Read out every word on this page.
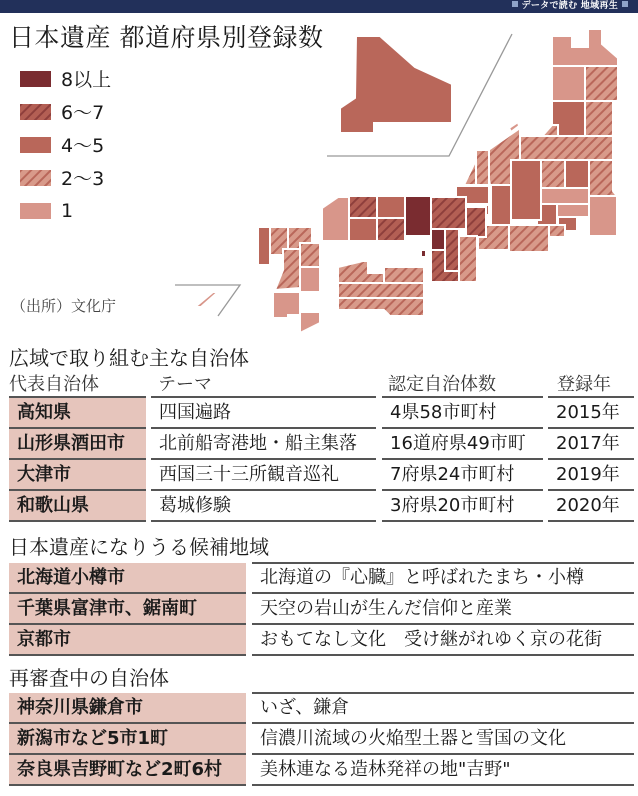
データで読む 地域再生
日本遺産 都道府県別登録数
8以上
6～7
4～5
2～3
1
（出所）文化庁
広域で取り組む主な自治体
代表自治体	テーマ	認定自治体数	登録年
高知県	四国遍路	4県58市町村	2015年
山形県酒田市	北前船寄港地・船主集落	16道府県49市町	2017年
大津市	西国三十三所観音巡礼	7府県24市町村	2019年
和歌山県	葛城修験	3府県20市町村	2020年
日本遺産になりうる候補地域
北海道小樽市	北海道の『心臓』と呼ばれたまち・小樽
千葉県富津市、鋸南町	天空の岩山が生んだ信仰と産業
京都市	おもてなし文化　受け継がれゆく京の花街
再審査中の自治体
神奈川県鎌倉市	いざ、鎌倉
新潟市など5市1町	信濃川流域の火焔型土器と雪国の文化
奈良県吉野町など2町6村	美林連なる造林発祥の地"吉野"
